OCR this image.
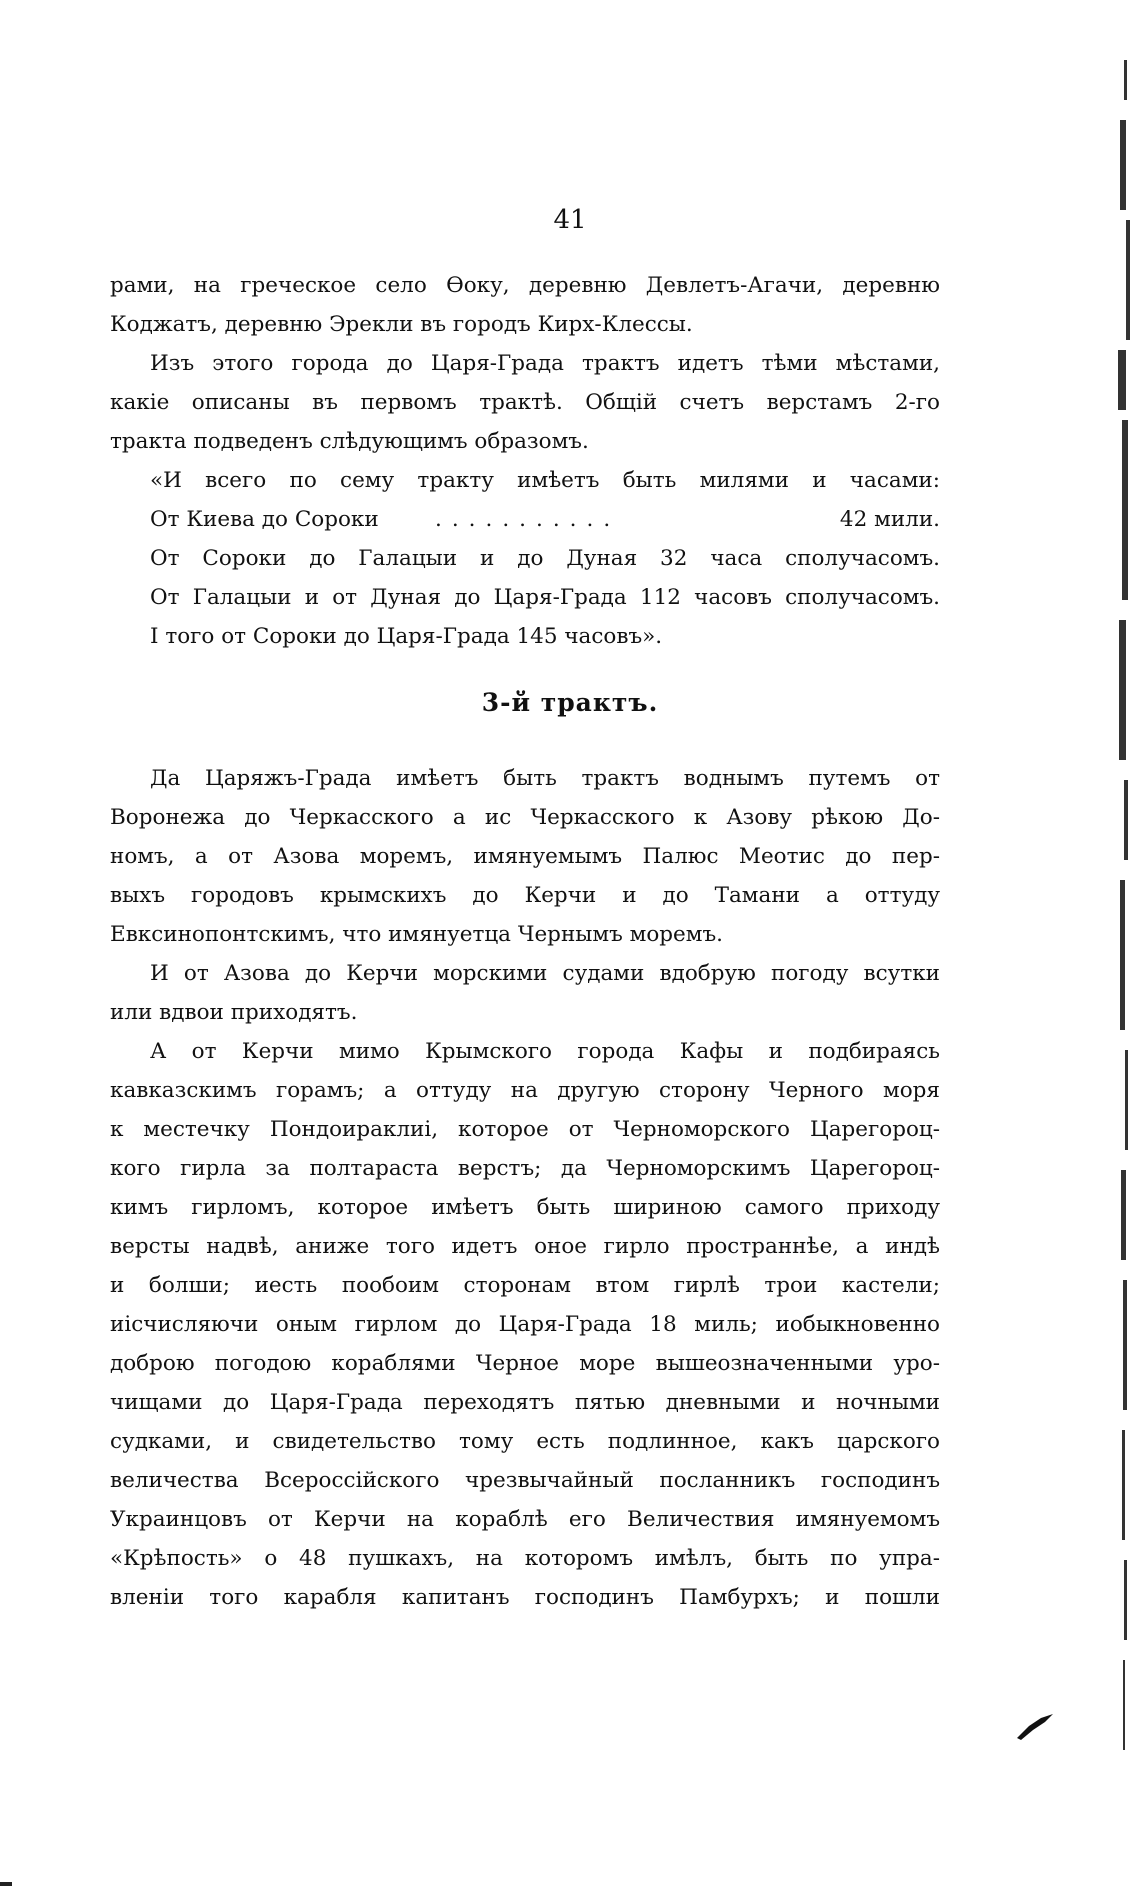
41
рами, на греческое село Өоку, деревню Девлетъ-Агачи, деревню
Коджатъ, деревню Эрекли въ городъ Кирх-Клессы.
Изъ этого города до Царя-Града трактъ идетъ тѣми мѣстами,
какіе описаны въ первомъ трактѣ. Общій счетъ верстамъ 2-го
тракта подведенъ слѣдующимъ образомъ.
«И всего по сему тракту имѣетъ быть милями и часами:
От Киева до Сороки	...........	42 мили.
От Сороки до Галацыи и до Дуная 32 часа сполучасомъ.
От Галацыи и от Дуная до Царя-Града 112 часовъ сполучасомъ.
І того от Сороки до Царя-Града 145 часовъ».
3-й трактъ.
Да Царяжъ-Града имѣетъ быть трактъ воднымъ путемъ от
Воронежа до Черкасского а ис Черкасского к Азову рѣкою До-
номъ, а от Азова моремъ, имянуемымъ Палюс Меотис до пер-
выхъ городовъ крымскихъ до Керчи и до Тамани а оттуду
Евксинопонтскимъ, что имянуетца Чернымъ моремъ.
И от Азова до Керчи морскими судами вдобрую погоду всутки
или вдвои приходятъ.
А от Керчи мимо Крымского города Кафы и подбираясь
кавказскимъ горамъ; а оттуду на другую сторону Черного моря
к местечку Пондоираклиі, которое от Черноморского Царегороц-
кого гирла за полтараста верстъ; да Черноморскимъ Царегороц-
кимъ гирломъ, которое имѣетъ быть шириною самого приходу
версты надвѣ, аниже того идетъ оное гирло пространнѣе, а индѣ
и болши; иесть пообоим сторонам втом гирлѣ трои кастели;
иісчисляючи оным гирлом до Царя-Града 18 миль; иобыкновенно
доброю погодою кораблями Черное море вышеозначенными уро-
чищами до Царя-Града переходятъ пятью дневными и ночными
судками, и свидетельство тому есть подлинное, какъ царского
величества Всероссійского чрезвычайный посланникъ господинъ
Украинцовъ от Керчи на кораблѣ его Величествия имянуемомъ
«Крѣпость» о 48 пушкахъ, на которомъ имѣлъ, быть по упра-
вленіи того карабля капитанъ господинъ Памбурхъ; и пошли
